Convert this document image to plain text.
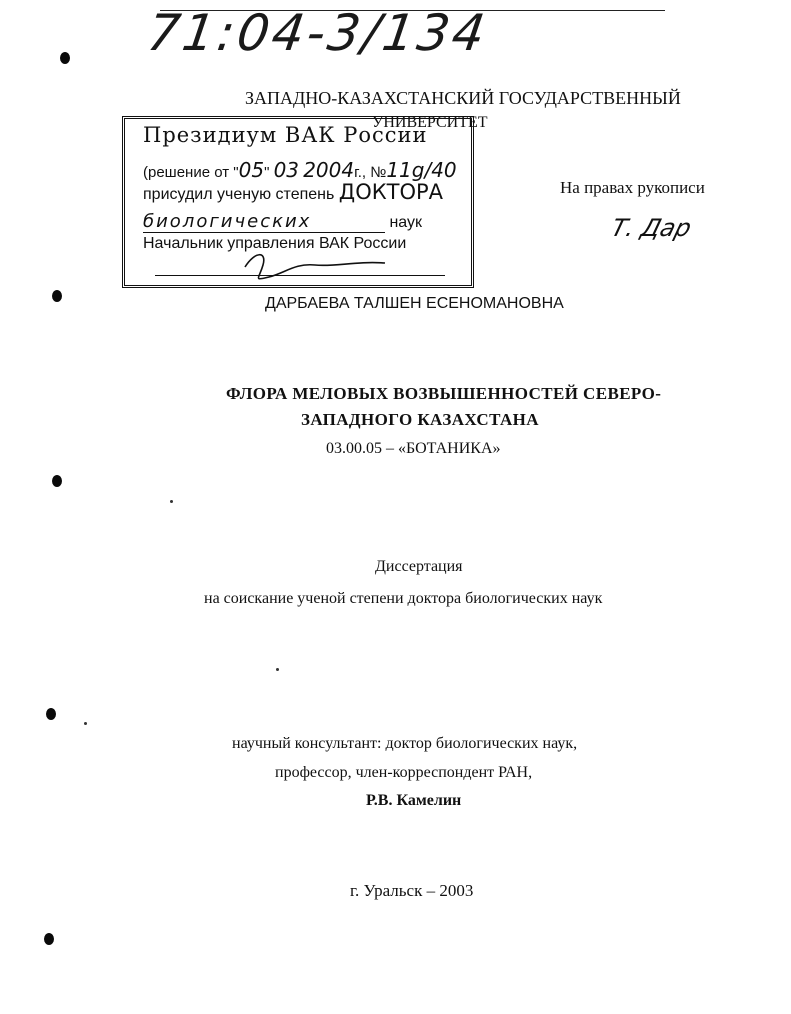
71:04-3/134
ЗАПАДНО-КАЗАХСТАНСКИЙ ГОСУДАРСТВЕННЫЙ
УНИВЕРСИТЕТ
Президиум ВАК России
(решение от "05" 03 2004г., №11g/40
присудил ученую степень ДОКТОРА
биологических	наук
Начальник управления ВАК России
На правах рукописи
Т. Дар
ДАРБАЕВА ТАЛШЕН ЕСЕНОМАНОВНА
ФЛОРА МЕЛОВЫХ ВОЗВЫШЕННОСТЕЙ СЕВЕРО-
ЗАПАДНОГО КАЗАХСТАНА
03.00.05 – «БОТАНИКА»
Диссертация
на соискание ученой степени доктора биологических наук
научный консультант: доктор биологических наук,
профессор, член-корреспондент РАН,
Р.В. Камелин
г. Уральск – 2003
